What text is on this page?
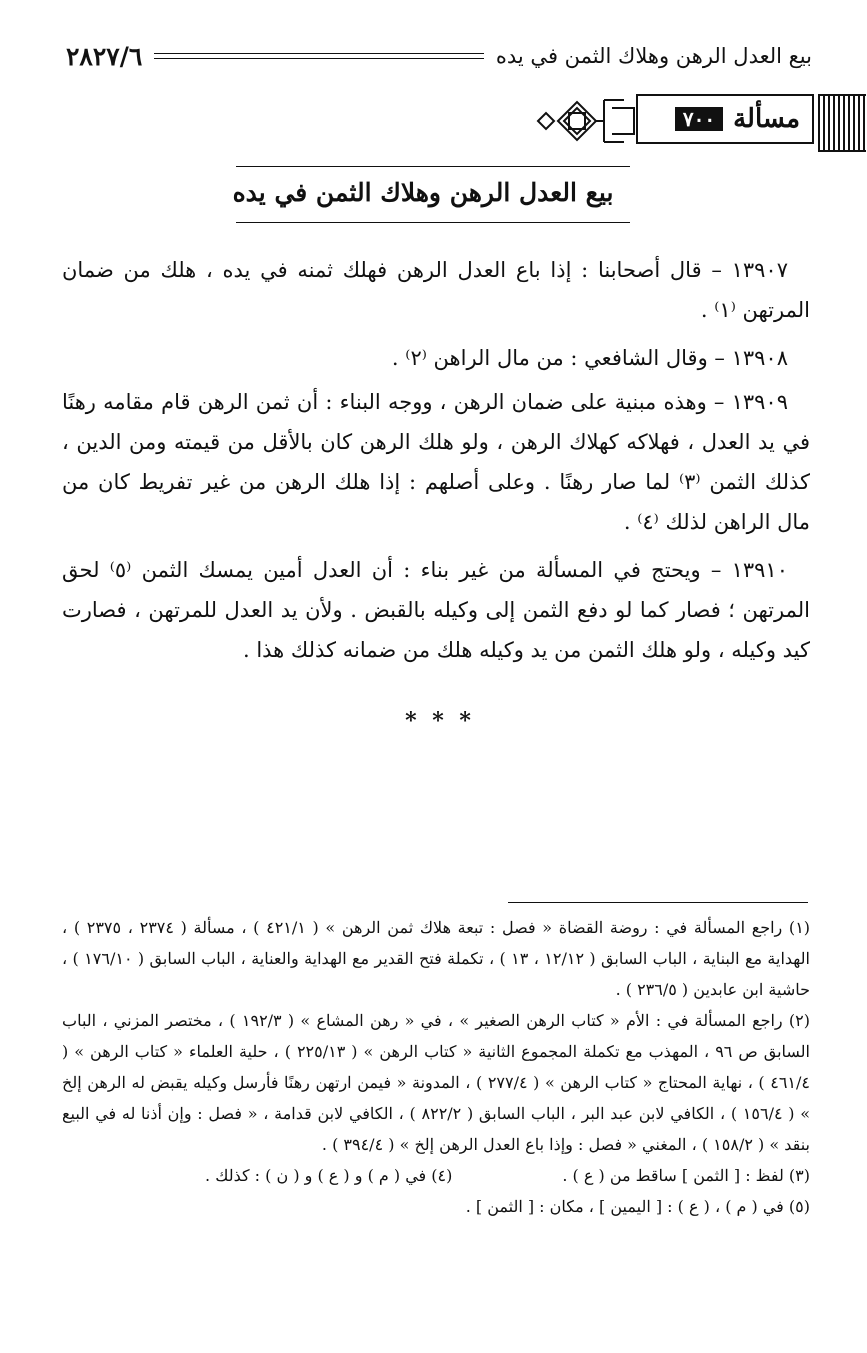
بيع العدل الرهن وهلاك الثمن في يده
٢٨٢٧/٦
مسألة
٧٠٠
بيع العدل الرهن وهلاك الثمن في يده

١٣٩٠٧ – قال أصحابنا : إذا باع العدل الرهن فهلك ثمنه في يده ، هلك من ضمان المرتهن ⁽١⁾ .

١٣٩٠٨ – وقال الشافعي : من مال الراهن ⁽٢⁾ .

١٣٩٠٩ – وهذه مبنية على ضمان الرهن ، ووجه البناء : أن ثمن الرهن قام مقامه رهنًا في يد العدل ، فهلاكه كهلاك الرهن ، ولو هلك الرهن كان بالأقل من قيمته ومن الدين ، كذلك الثمن ⁽٣⁾ لما صار رهنًا . وعلى أصلهم : إذا هلك الرهن من غير تفريط كان من مال الراهن لذلك ⁽٤⁾ .

١٣٩١٠ – ويحتج في المسألة من غير بناء : أن العدل أمين يمسك الثمن ⁽٥⁾ لحق المرتهن ؛ فصار كما لو دفع الثمن إلى وكيله بالقبض . ولأن يد العدل للمرتهن ، فصارت كيد وكيله ، ولو هلك الثمن من يد وكيله هلك من ضمانه كذلك هذا .

* * *

(١) راجع المسألة في : روضة القضاة « فصل : تبعة هلاك ثمن الرهن » ( ٤٢١/١ ) ، مسألة ( ٢٣٧٤ ، ٢٣٧٥ ) ، الهداية مع البناية ، الباب السابق ( ١٢/١٢ ، ١٣ ) ، تكملة فتح القدير مع الهداية والعناية ، الباب السابق ( ١٧٦/١٠ ) ، حاشية ابن عابدين ( ٢٣٦/٥ ) .

(٢) راجع المسألة في : الأم « كتاب الرهن الصغير » ، في « رهن المشاع » ( ١٩٢/٣ ) ، مختصر المزني ، الباب السابق ص ٩٦ ، المهذب مع تكملة المجموع الثانية « كتاب الرهن » ( ٢٢٥/١٣ ) ، حلية العلماء « كتاب الرهن » ( ٤٦١/٤ ) ، نهاية المحتاج « كتاب الرهن » ( ٢٧٧/٤ ) ، المدونة « فيمن ارتهن رهنًا فأرسل وكيله يقبض له الرهن إلخ » ( ١٥٦/٤ ) ، الكافي لابن عبد البر ، الباب السابق ( ٨٢٢/٢ ) ، الكافي لابن قدامة ، « فصل : وإن أذنا له في البيع بنقد » ( ١٥٨/٢ ) ، المغني « فصل : وإذا باع العدل الرهن إلخ » ( ٣٩٤/٤ ) .

(٣) لفظ : [ الثمن ] ساقط من ( ع ) .
(٤) في ( م ) و ( ع ) و ( ن ) : كذلك .

(٥) في ( م ) ، ( ع ) : [ اليمين ] ، مكان : [ الثمن ] .
